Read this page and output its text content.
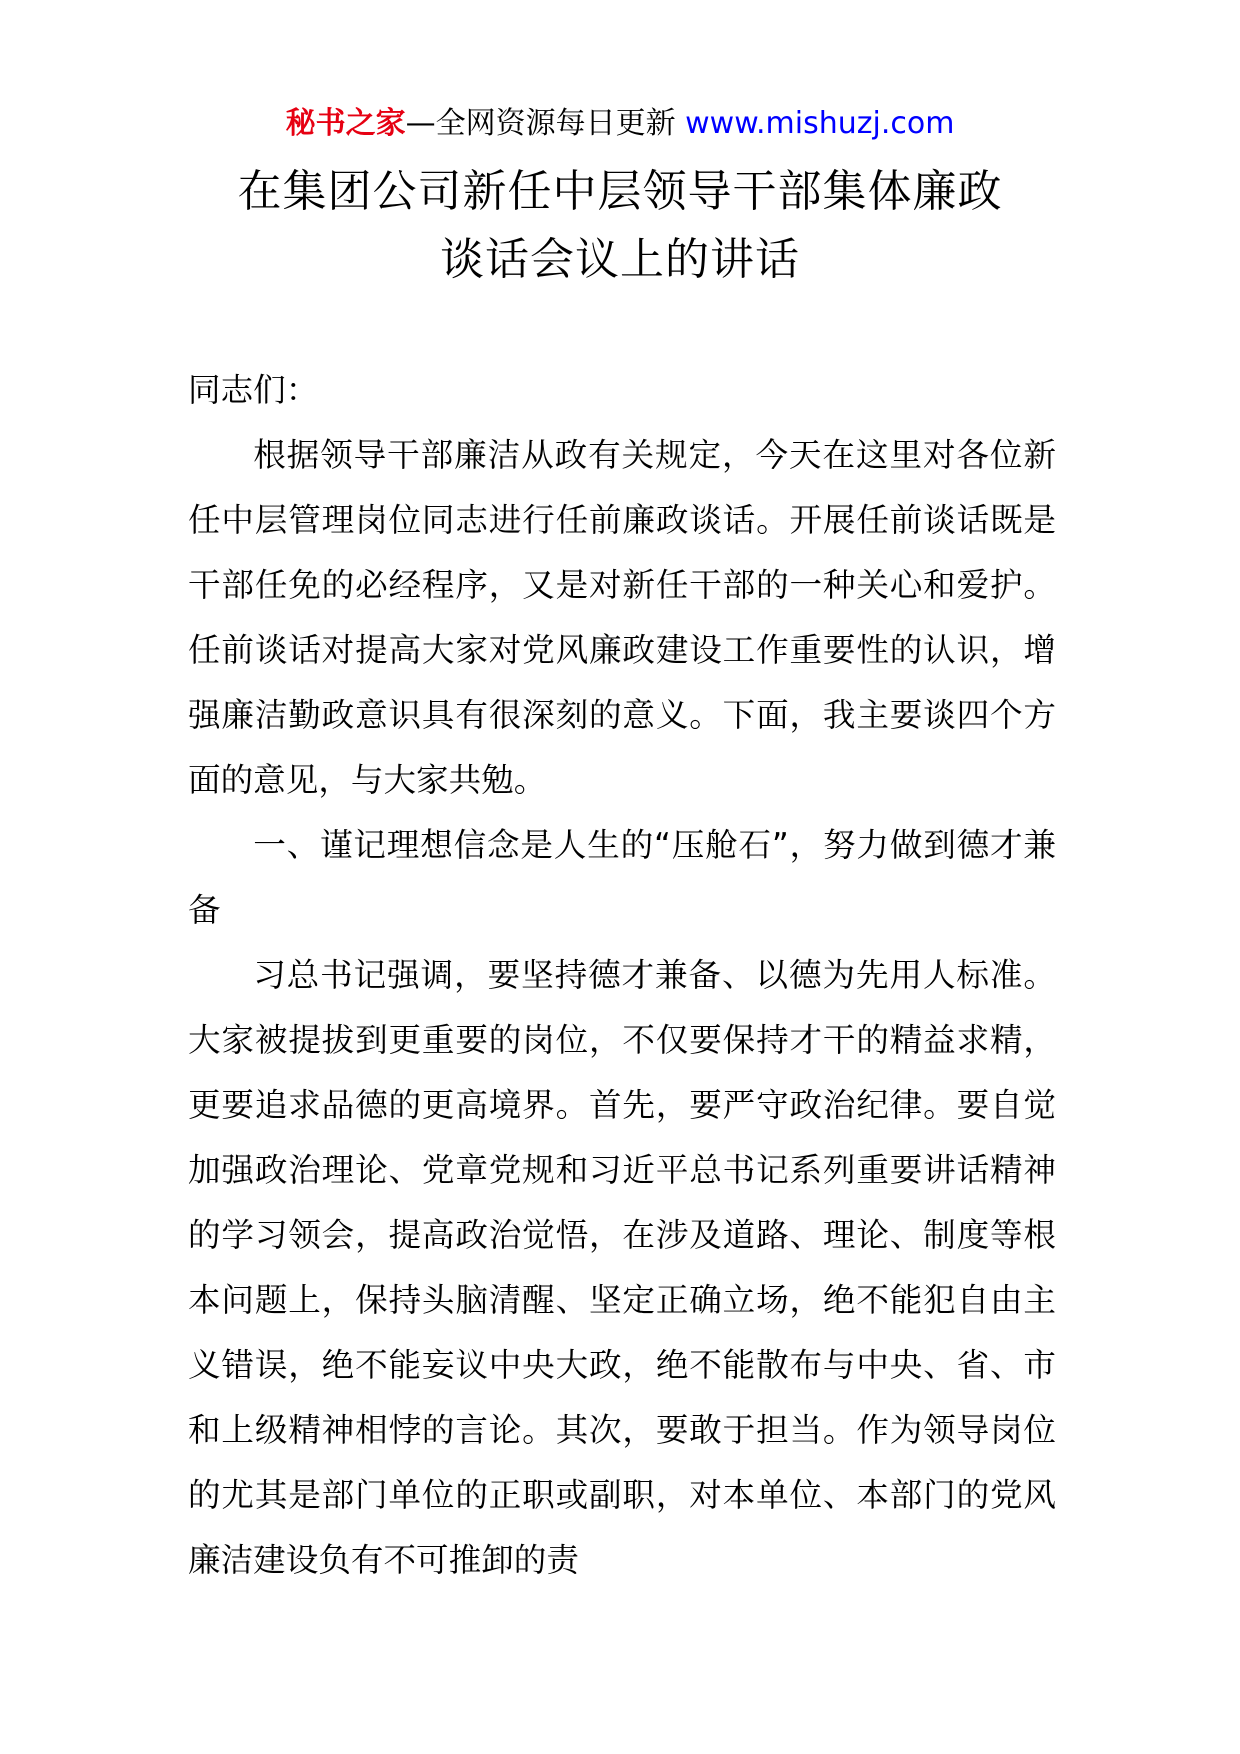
秘书之家—全网资源每日更新 www.mishuzj.com
在集团公司新任中层领导干部集体廉政
谈话会议上的讲话

同志们：

根据领导干部廉洁从政有关规定，今天在这里对各位新任中层管理岗位同志进行任前廉政谈话。开展任前谈话既是干部任免的必经程序，又是对新任干部的一种关心和爱护。任前谈话对提高大家对党风廉政建设工作重要性的认识，增强廉洁勤政意识具有很深刻的意义。下面，我主要谈四个方面的意见，与大家共勉。

一、谨记理想信念是人生的“压舱石”，努力做到德才兼备

习总书记强调，要坚持德才兼备、以德为先用人标准。大家被提拔到更重要的岗位，不仅要保持才干的精益求精，更要追求品德的更高境界。首先，要严守政治纪律。要自觉加强政治理论、党章党规和习近平总书记系列重要讲话精神的学习领会，提高政治觉悟，在涉及道路、理论、制度等根本问题上，保持头脑清醒、坚定正确立场，绝不能犯自由主义错误，绝不能妄议中央大政，绝不能散布与中央、省、市和上级精神相悖的言论。其次，要敢于担当。作为领导岗位的尤其是部门单位的正职或副职，对本单位、本部门的党风廉洁建设负有不可推卸的责
